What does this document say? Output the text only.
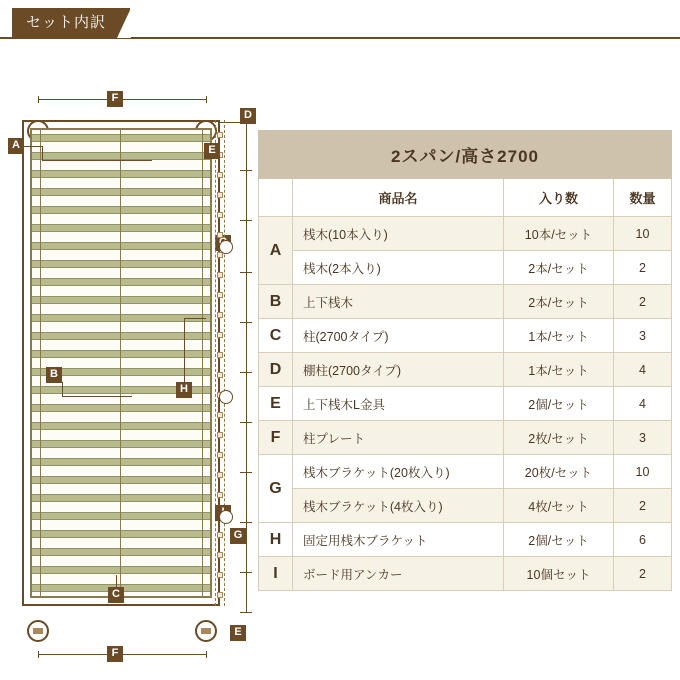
セット内訳
F
A
B
H
C
D
E
E
G
F
2スパン/高さ2700			
	商品名	入り数	数量
A	桟木(10本入り)	10本/セット	10
	桟木(2本入り)	2本/セット	2
B	上下桟木	2本/セット	2
C	柱(2700タイプ)	1本/セット	3
D	棚柱(2700タイプ)	1本/セット	4
E	上下桟木L金具	2個/セット	4
F	柱プレート	2枚/セット	3
G	桟木ブラケット(20枚入り)	20枚/セット	10
	桟木ブラケット(4枚入り)	4枚/セット	2
H	固定用桟木ブラケット	2個/セット	6
I	ボード用アンカー	10個セット	2
